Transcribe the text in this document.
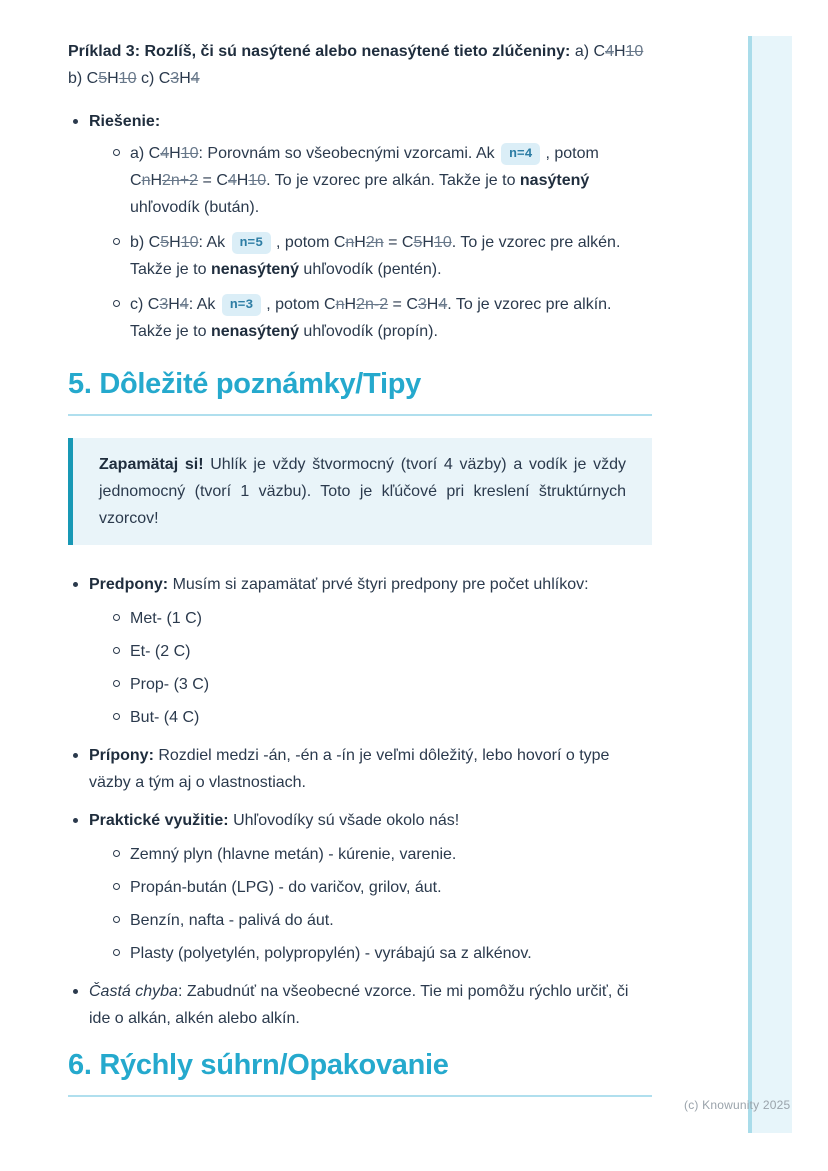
Príklad 3: Rozlíš, či sú nasýtené alebo nenasýtené tieto zlúčeniny: a) C4H10 b) C5H10 c) C3H4

Riešenie:
a) C4H10: Porovnám so všeobecnými vzorcami. Ak n=4 , potom CnH2n+2 = C4H10. To je vzorec pre alkán. Takže je to nasýtený uhľovodík (bután).
b) C5H10: Ak n=5 , potom CnH2n = C5H10. To je vzorec pre alkén. Takže je to nenasýtený uhľovodík (pentén).
c) C3H4: Ak n=3 , potom CnH2n-2 = C3H4. To je vzorec pre alkín. Takže je to nenasýtený uhľovodík (propín).
5. Dôležité poznámky/Tipy

Zapamätaj si! Uhlík je vždy štvormocný (tvorí 4 väzby) a vodík je vždy jednomocný (tvorí 1 väzbu). Toto je kľúčové pri kreslení štruktúrnych vzorcov!

Predpony: Musím si zapamätať prvé štyri predpony pre počet uhlíkov:

Met- (1 C)
Et- (2 C)
Prop- (3 C)
But- (4 C)

Prípony: Rozdiel medzi -án, -én a -ín je veľmi dôležitý, lebo hovorí o type väzby a tým aj o vlastnostiach.

Praktické využitie: Uhľovodíky sú všade okolo nás!

Zemný plyn (hlavne metán) - kúrenie, varenie.
Propán-bután (LPG) - do varičov, grilov, áut.
Benzín, nafta - palivá do áut.
Plasty (polyetylén, polypropylén) - vyrábajú sa z alkénov.

Častá chyba: Zabudnúť na všeobecné vzorce. Tie mi pomôžu rýchlo určiť, či ide o alkán, alkén alebo alkín.

6. Rýchly súhrn/Opakovanie
(c) Knowunity 2025
